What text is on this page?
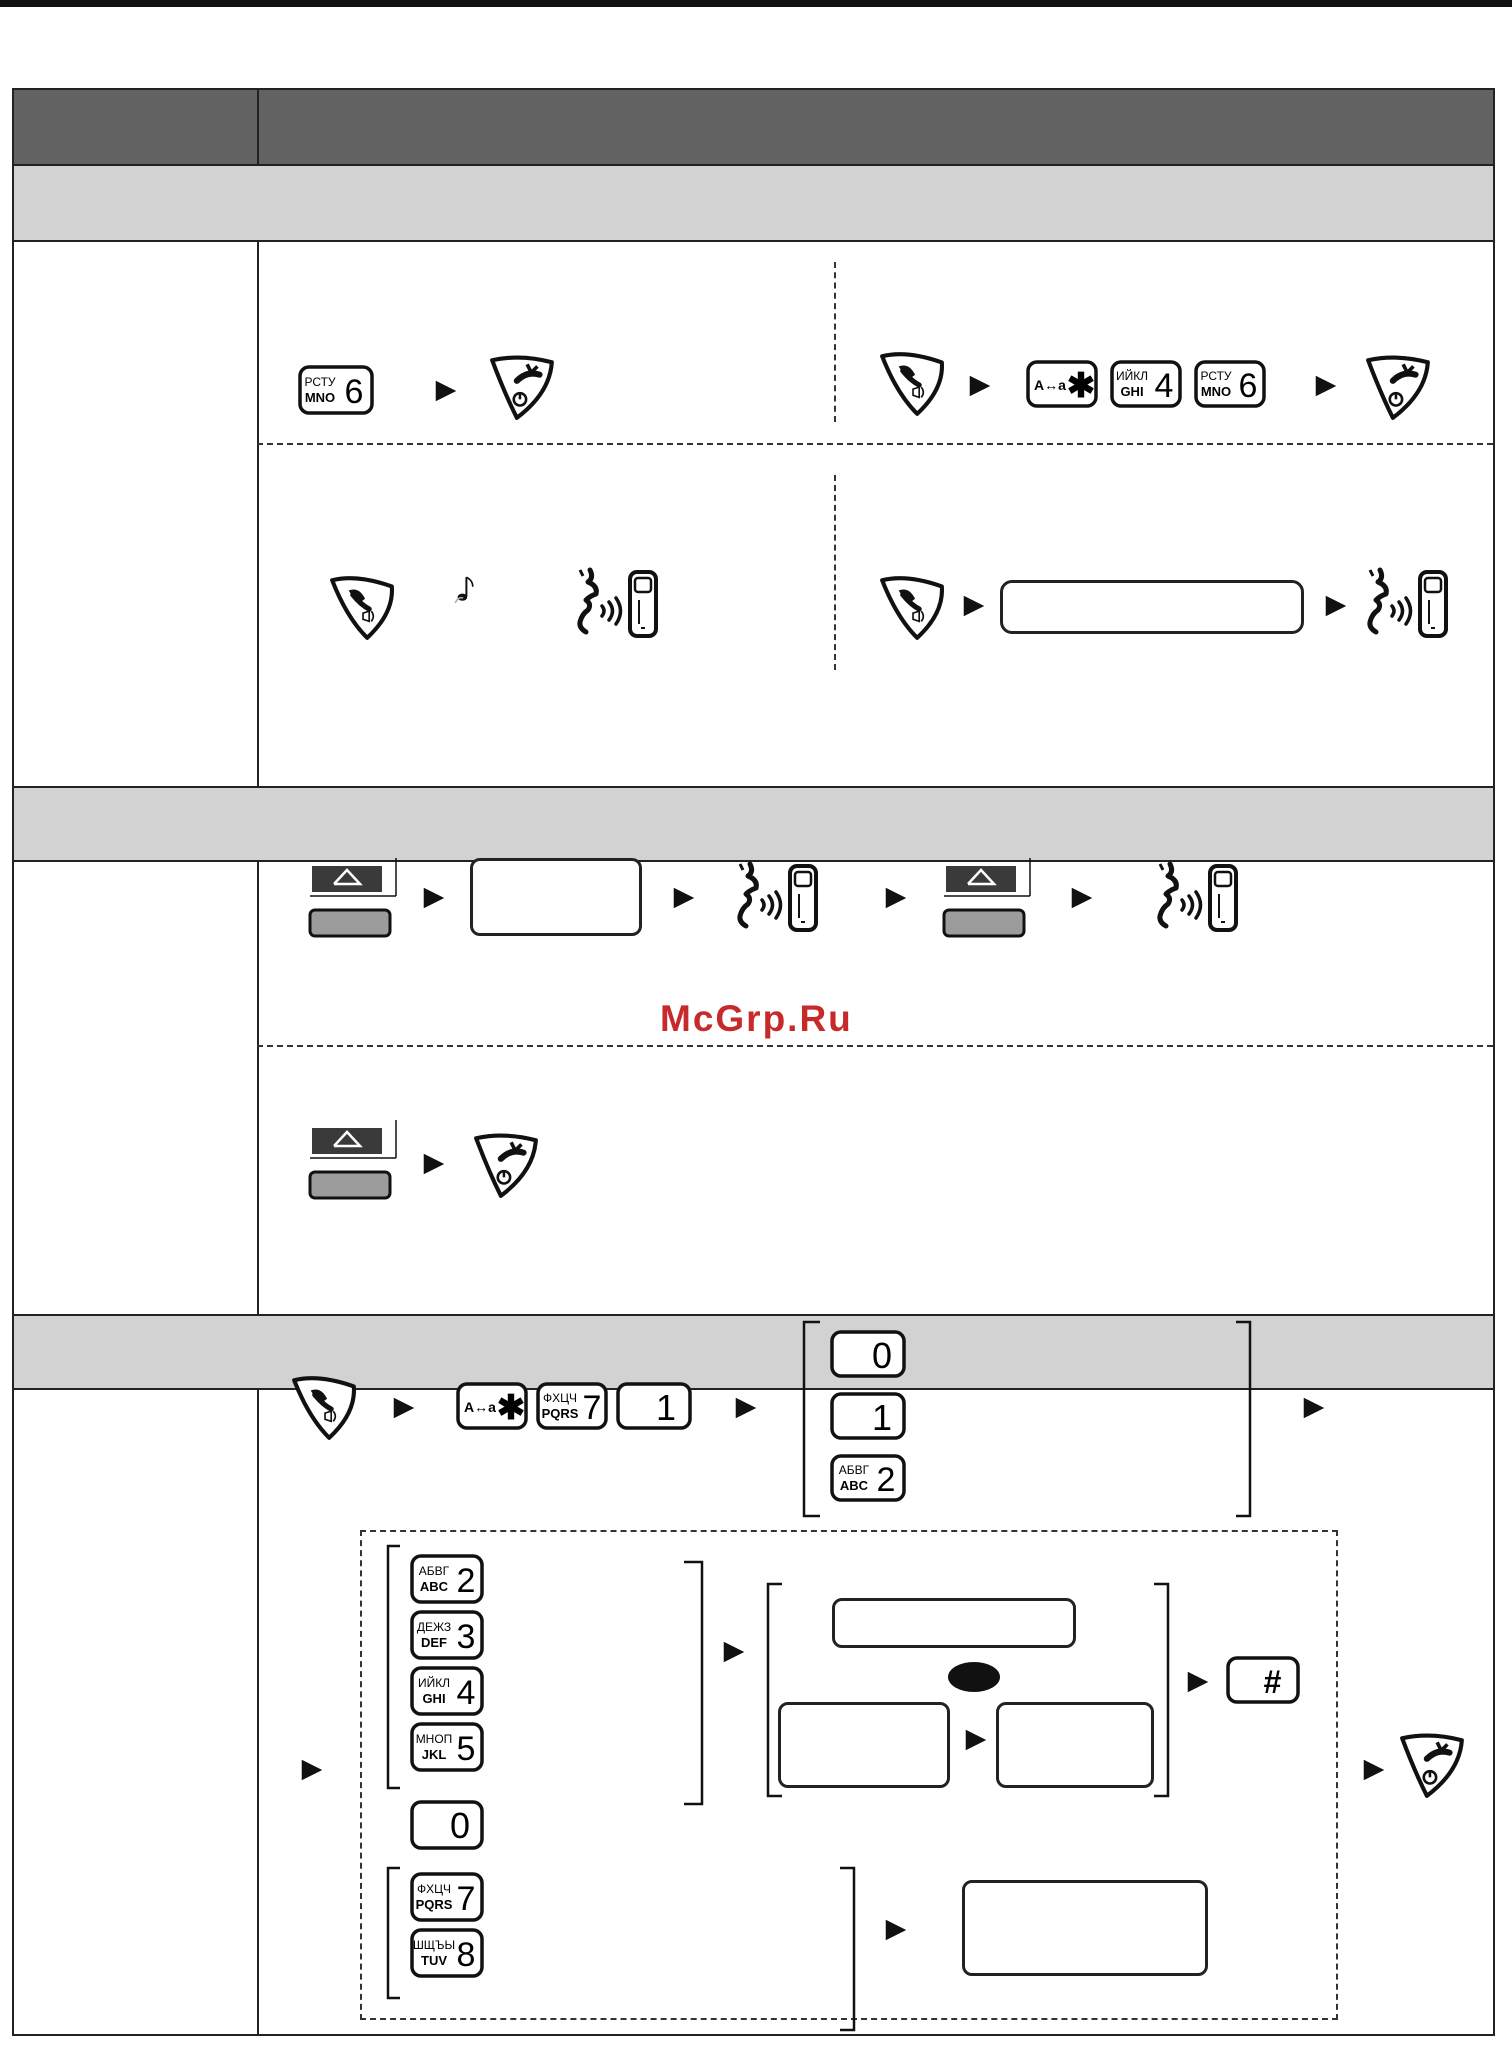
РСТУ
MNO 6	A↔a ✱ ИЙКЛ
GHI 4 РСТУ
MNO 6
McGrp.Ru
A↔a ✱ ФХЦЧ
PQRS 7 1
0
1
АБВГ
ABC 2
АБВГ
ABC 2
ДЕЖЗ
DEF 3
ИЙКЛ
GHI 4
МНОП
JKL 5
0
#
ФХЦЧ
PQRS 7
ШЩЪЫ
TUV 8
